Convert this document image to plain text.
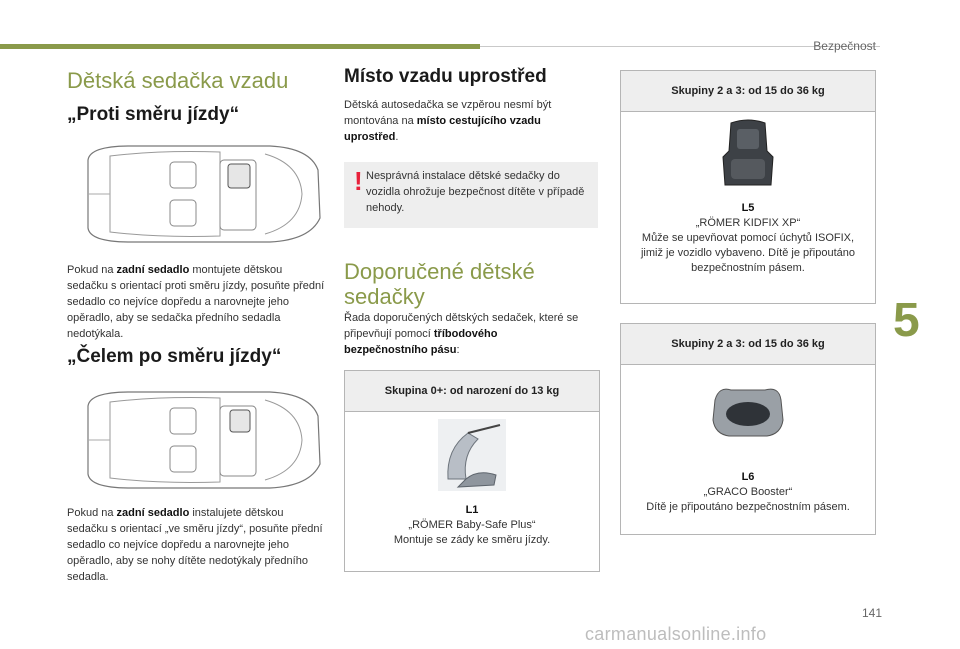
Bezpečnost
5
Dětská sedačka vzadu
„Proti směru jízdy“
Pokud na zadní sedadlo montujete dětskou sedačku s orientací proti směru jízdy, posuňte přední sedadlo co nejvíce dopředu a narovnejte jeho opěradlo, aby se sedačka předního sedadla nedotýkala.
„Čelem po směru jízdy“
Pokud na zadní sedadlo instalujete dětskou sedačku s orientací „ve směru jízdy“, posuňte přední sedadlo co nejvíce dopředu a narovnejte jeho opěradlo, aby se nohy dítěte nedotýkaly předního sedadla.
Místo vzadu uprostřed
Dětská autosedačka se vzpěrou nesmí být montována na místo cestujícího vzadu uprostřed.
! Nesprávná instalace dětské sedačky do vozidla ohrožuje bezpečnost dítěte v případě nehody.
Doporučené dětské sedačky
Řada doporučených dětských sedaček, které se připevňují pomocí tříbodového bezpečnostního pásu:
Skupina 0+: od narození do 13 kg
L1
„RÖMER Baby-Safe Plus“
Montuje se zády ke směru jízdy.
Skupiny 2 a 3: od 15 do 36 kg
L5
„RÖMER KIDFIX XP“
Může se upevňovat pomocí úchytů ISOFIX, jimiž je vozidlo vybaveno. Dítě je připoutáno bezpečnostním pásem.
Skupiny 2 a 3: od 15 do 36 kg
L6
„GRACO Booster“
Dítě je připoutáno bezpečnostním pásem.
141
carmanualsonline.info
